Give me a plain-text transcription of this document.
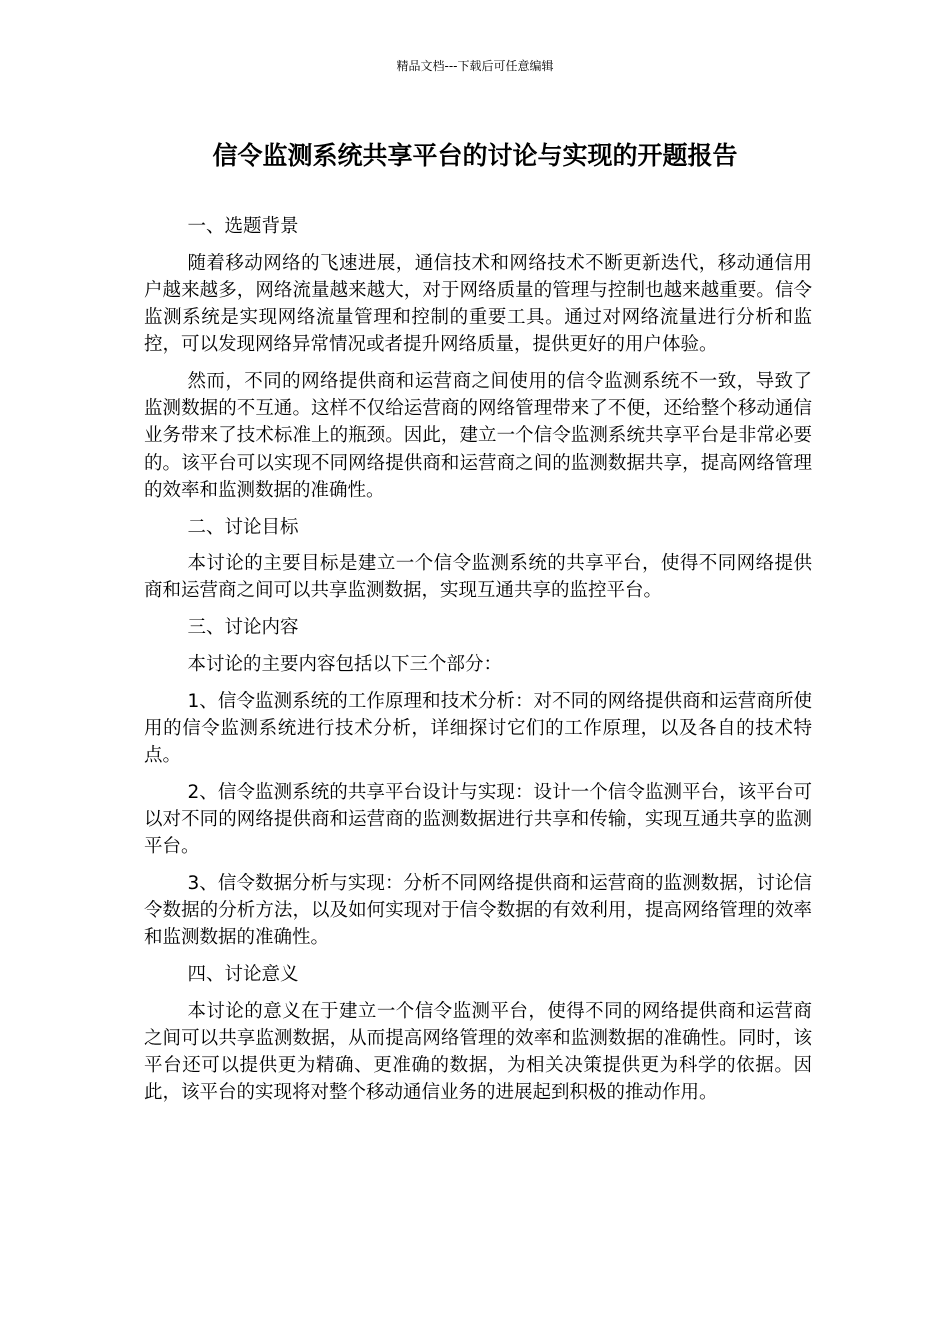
精品文档---下载后可任意编辑
信令监测系统共享平台的讨论与实现的开题报告

一、选题背景

随着移动网络的飞速进展，通信技术和网络技术不断更新迭代，移动通信用户越来越多，网络流量越来越大，对于网络质量的管理与控制也越来越重要。信令监测系统是实现网络流量管理和控制的重要工具。通过对网络流量进行分析和监控，可以发现网络异常情况或者提升网络质量，提供更好的用户体验。

然而，不同的网络提供商和运营商之间使用的信令监测系统不一致，导致了监测数据的不互通。这样不仅给运营商的网络管理带来了不便，还给整个移动通信业务带来了技术标准上的瓶颈。因此，建立一个信令监测系统共享平台是非常必要的。该平台可以实现不同网络提供商和运营商之间的监测数据共享，提高网络管理的效率和监测数据的准确性。

二、讨论目标

本讨论的主要目标是建立一个信令监测系统的共享平台，使得不同网络提供商和运营商之间可以共享监测数据，实现互通共享的监控平台。

三、讨论内容

本讨论的主要内容包括以下三个部分：

1、信令监测系统的工作原理和技术分析：对不同的网络提供商和运营商所使用的信令监测系统进行技术分析，详细探讨它们的工作原理，以及各自的技术特点。

2、信令监测系统的共享平台设计与实现：设计一个信令监测平台，该平台可以对不同的网络提供商和运营商的监测数据进行共享和传输，实现互通共享的监测平台。

3、信令数据分析与实现：分析不同网络提供商和运营商的监测数据，讨论信令数据的分析方法，以及如何实现对于信令数据的有效利用，提高网络管理的效率和监测数据的准确性。

四、讨论意义

本讨论的意义在于建立一个信令监测平台，使得不同的网络提供商和运营商之间可以共享监测数据，从而提高网络管理的效率和监测数据的准确性。同时，该平台还可以提供更为精确、更准确的数据，为相关决策提供更为科学的依据。因此，该平台的实现将对整个移动通信业务的进展起到积极的推动作用。
